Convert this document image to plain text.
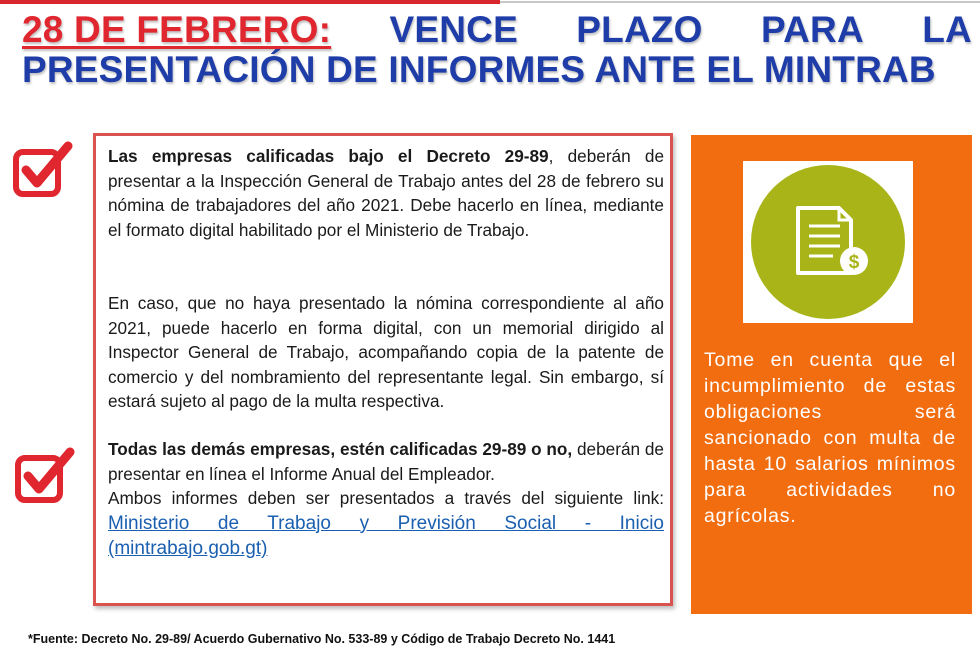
28 DE FEBRERO: VENCE PLAZO PARA LA
PRESENTACIÓN DE INFORMES ANTE EL MINTRAB
Las empresas calificadas bajo el Decreto 29-89, deberán de presentar a la Inspección General de Trabajo antes del 28 de febrero su nómina de trabajadores del año 2021. Debe hacerlo en línea, mediante el formato digital habilitado por el Ministerio de Trabajo.
En caso, que no haya presentado la nómina correspondiente al año 2021, puede hacerlo en forma digital, con un memorial dirigido al Inspector General de Trabajo, acompañando copia de la patente de comercio y del nombramiento del representante legal. Sin embargo, sí estará sujeto al pago de la multa respectiva.
Todas las demás empresas, estén calificadas 29-89 o no, deberán de presentar en línea el Informe Anual del Empleador.
Ambos informes deben ser presentados a través del siguiente link: Ministerio de Trabajo y Previsión Social - Inicio (mintrabajo.gob.gt)
$
Tome en cuenta que el incumplimiento de estas obligaciones será sancionado con multa de hasta 10 salarios mínimos para actividades no agrícolas.
*Fuente: Decreto No. 29-89/ Acuerdo Gubernativo No. 533-89 y Código de Trabajo Decreto No. 1441
